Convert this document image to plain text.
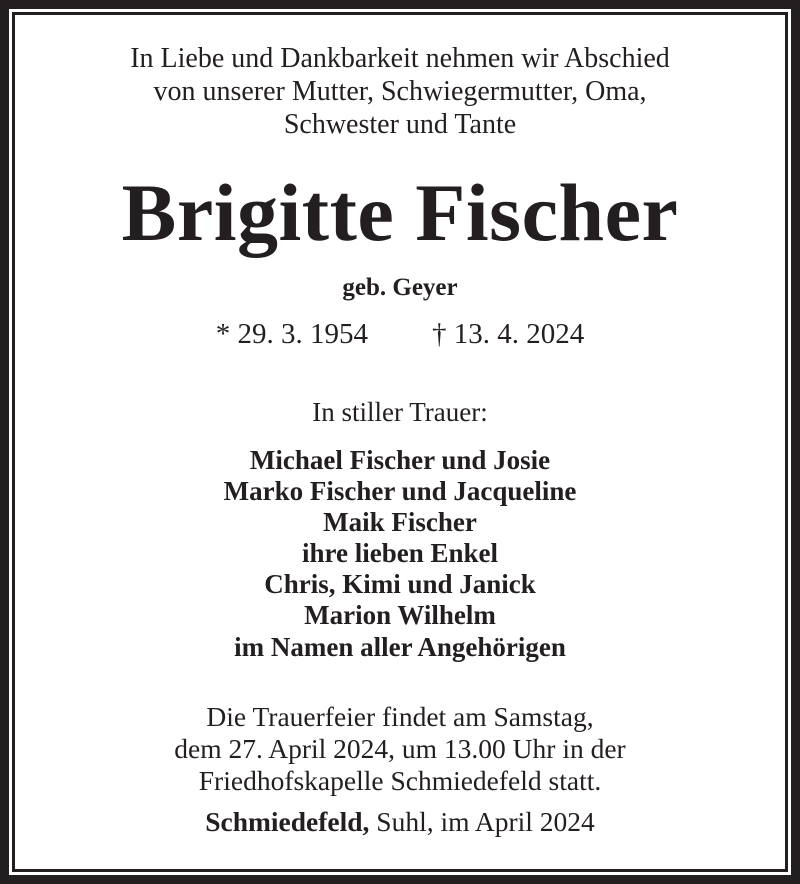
In Liebe und Dankbarkeit nehmen wir Abschied
von unserer Mutter, Schwiegermutter, Oma,
Schwester und Tante
Brigitte Fischer
geb. Geyer
* 29. 3. 1954 † 13. 4. 2024
In stiller Trauer:
Michael Fischer und Josie
Marko Fischer und Jacqueline
Maik Fischer
ihre lieben Enkel
Chris, Kimi und Janick
Marion Wilhelm
im Namen aller Angehörigen
Die Trauerfeier findet am Samstag,
dem 27. April 2024, um 13.00 Uhr in der
Friedhofskapelle Schmiedefeld statt.
Schmiedefeld, Suhl, im April 2024
